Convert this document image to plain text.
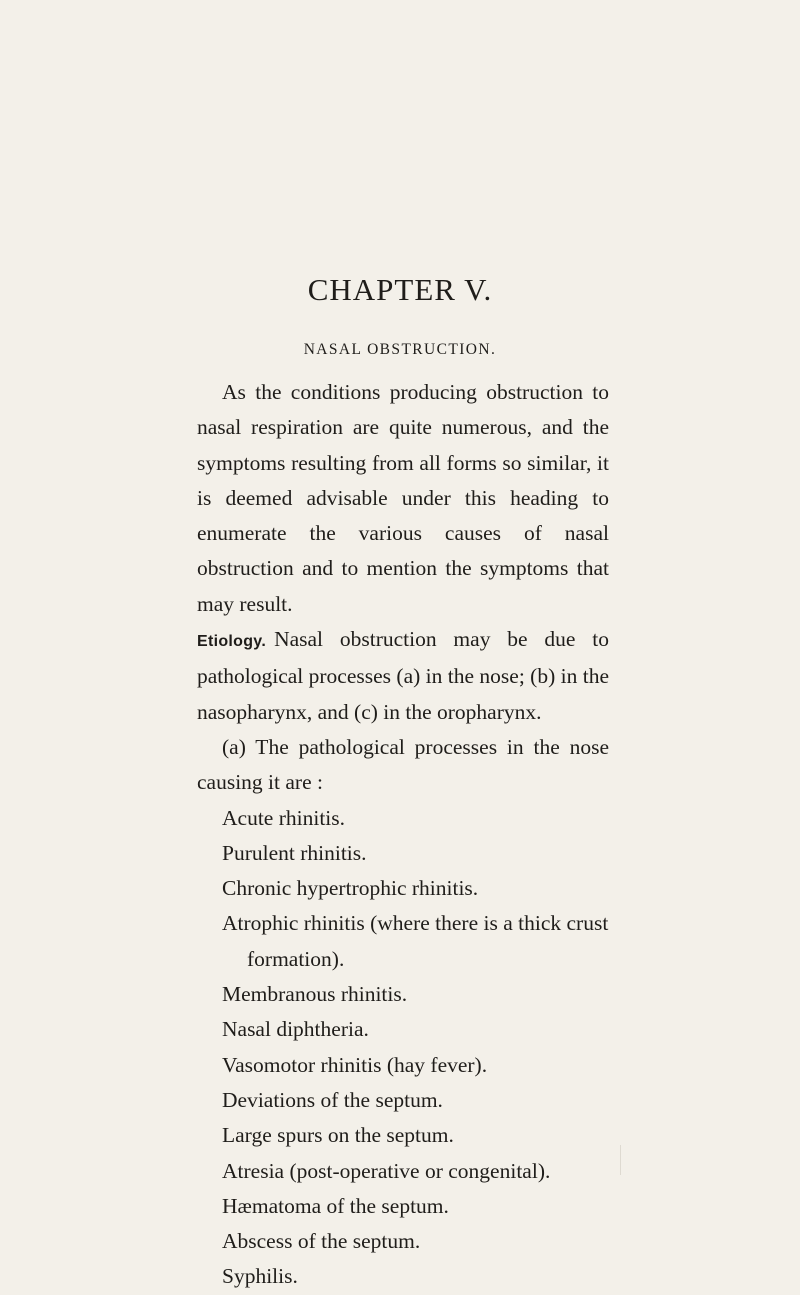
CHAPTER V.
NASAL OBSTRUCTION.

As the conditions producing obstruction to nasal respiration are quite numerous, and the symptoms resulting from all forms so similar, it is deemed advisable under this heading to enumerate the various causes of nasal obstruction and to mention the symptoms that may result.

Etiology. Nasal obstruction may be due to pathological processes (a) in the nose; (b) in the nasopharynx, and (c) in the oropharynx.

(a) The pathological processes in the nose causing it are :

Acute rhinitis.
Purulent rhinitis.
Chronic hypertrophic rhinitis.
Atrophic rhinitis (where there is a thick crust formation).
Membranous rhinitis.
Nasal diphtheria.
Vasomotor rhinitis (hay fever).
Deviations of the septum.
Large spurs on the septum.
Atresia (post-operative or congenital).
Hæmatoma of the septum.
Abscess of the septum.
Syphilis.
